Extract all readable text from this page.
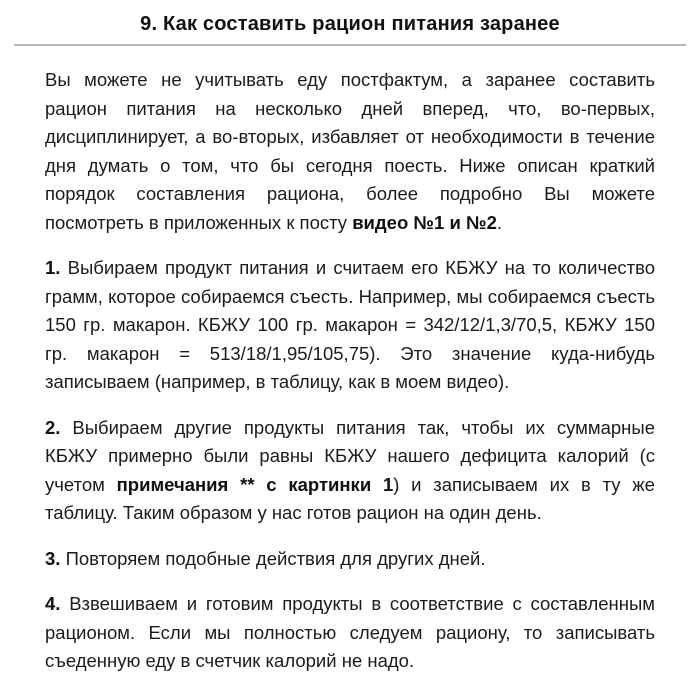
9. Как составить рацион питания заранее

Вы можете не учитывать еду постфактум, а заранее составить рацион питания на несколько дней вперед, что, во-первых, дисциплинирует, а во-вторых, избавляет от необходимости в течение дня думать о том, что бы сегодня поесть. Ниже описан краткий порядок составления рациона, более подробно Вы можете посмотреть в приложенных к посту видео №1 и №2.

1. Выбираем продукт питания и считаем его КБЖУ на то количество грамм, которое собираемся съесть. Например, мы собираемся съесть 150 гр. макарон. КБЖУ 100 гр. макарон = 342/12/1,3/70,5, КБЖУ 150 гр. макарон = 513/18/1,95/105,75). Это значение куда-нибудь записываем (например, в таблицу, как в моем видео).

2. Выбираем другие продукты питания так, чтобы их суммарные КБЖУ примерно были равны КБЖУ нашего дефицита калорий (с учетом примечания ** с картинки 1) и записываем их в ту же таблицу. Таким образом у нас готов рацион на один день.

3. Повторяем подобные действия для других дней.

4. Взвешиваем и готовим продукты в соответствие с составленным рационом. Если мы полностью следуем рациону, то записывать съеденную еду в счетчик калорий не надо.
